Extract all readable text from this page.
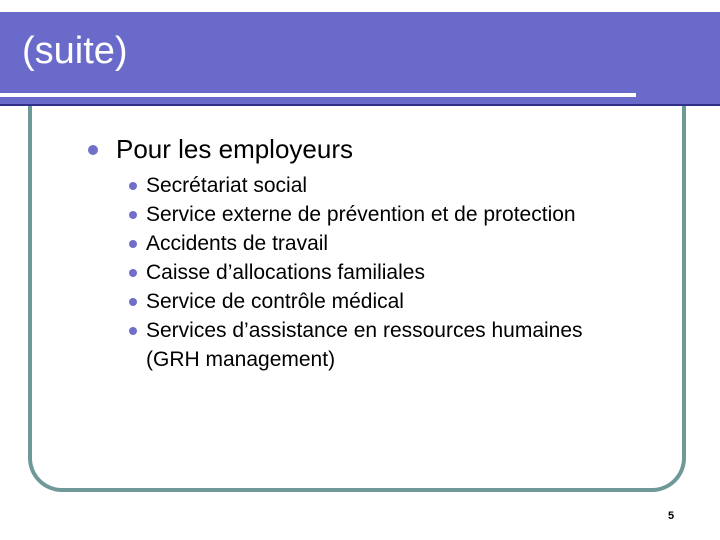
(suite)
Pour les employeurs
Secrétariat social
Service externe de prévention et de protection
Accidents de travail
Caisse d’allocations familiales
Service de contrôle médical
Services d’assistance en ressources humaines
(GRH management)
5
